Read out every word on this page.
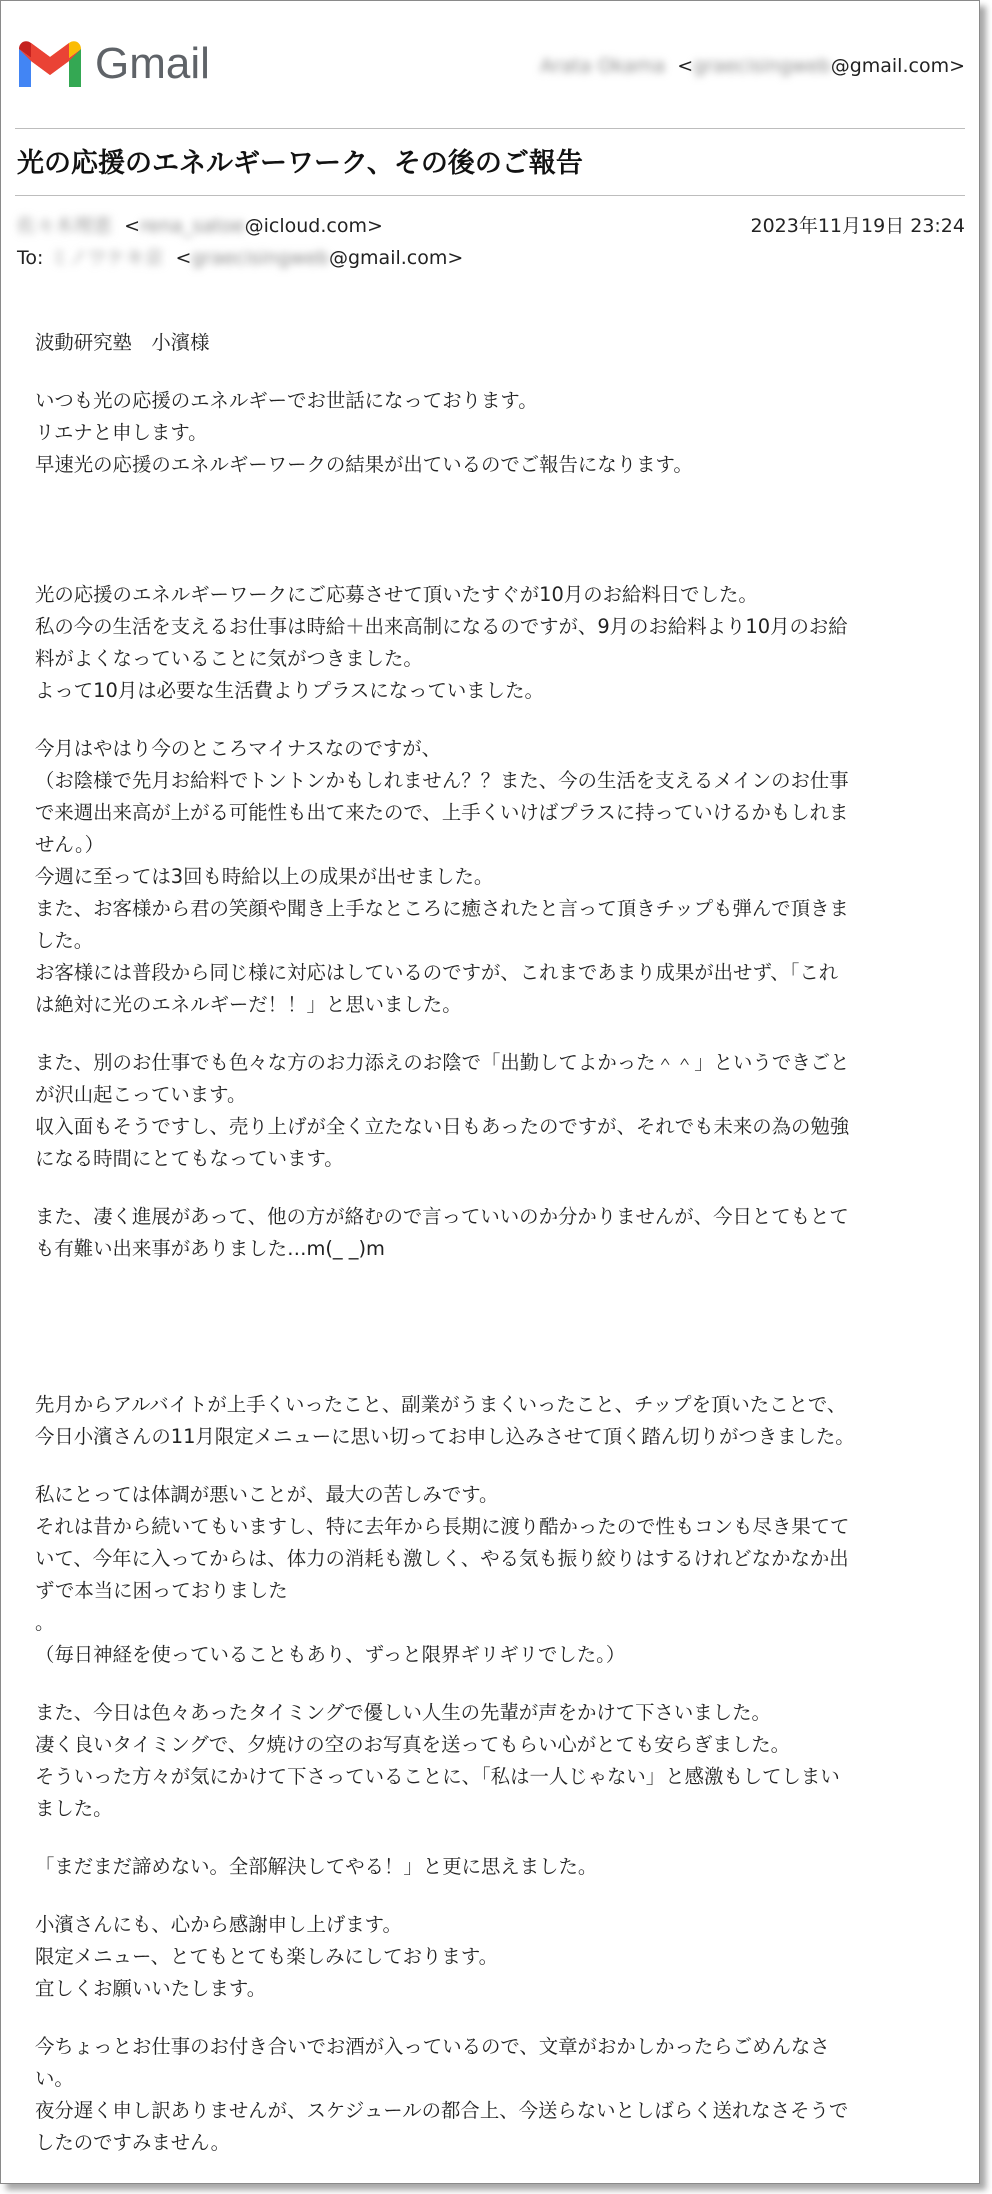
Gmail	Arata Okama  <graecisingweb@gmail.com>
光の応援のエネルギーワーク、その後のご報告
佐々木理恵  <rena_satoe@icloud.com>	2023年11月19日 23:24
To: ミノワケキ京  <graecisingweb@gmail.com>

波動研究塾　小濱様

いつも光の応援のエネルギーでお世話になっております。

リエナと申します。

早速光の応援のエネルギーワークの結果が出ているのでご報告になります。

光の応援のエネルギーワークにご応募させて頂いたすぐが10月のお給料日でした。

私の今の生活を支えるお仕事は時給＋出来高制になるのですが、9月のお給料より10月のお給

料がよくなっていることに気がつきました。

よって10月は必要な生活費よりプラスになっていました。

今月はやはり今のところマイナスなのですが、

（お陰様で先月お給料でトントンかもしれません？？また、今の生活を支えるメインのお仕事

で来週出来高が上がる可能性も出て来たので、上手くいけばプラスに持っていけるかもしれま

せん。）

今週に至っては3回も時給以上の成果が出せました。

また、お客様から君の笑顔や聞き上手なところに癒されたと言って頂きチップも弾んで頂きま

した。

お客様には普段から同じ様に対応はしているのですが、これまであまり成果が出せず、「これ

は絶対に光のエネルギーだ！！」と思いました。

また、別のお仕事でも色々な方のお力添えのお陰で「出勤してよかった＾＾」というできごと

が沢山起こっています。

収入面もそうですし、売り上げが全く立たない日もあったのですが、それでも未来の為の勉強

になる時間にとてもなっています。

また、凄く進展があって、他の方が絡むので言っていいのか分かりませんが、今日とてもとて

も有難い出来事がありました…m(_ _)m

先月からアルバイトが上手くいったこと、副業がうまくいったこと、チップを頂いたことで、

今日小濱さんの11月限定メニューに思い切ってお申し込みさせて頂く踏ん切りがつきました。

私にとっては体調が悪いことが、最大の苦しみです。

それは昔から続いてもいますし、特に去年から長期に渡り酷かったので性もコンも尽き果てて

いて、今年に入ってからは、体力の消耗も激しく、やる気も振り絞りはするけれどなかなか出

ずで本当に困っておりました

。

（毎日神経を使っていることもあり、ずっと限界ギリギリでした。）

また、今日は色々あったタイミングで優しい人生の先輩が声をかけて下さいました。

凄く良いタイミングで、夕焼けの空のお写真を送ってもらい心がとても安らぎました。

そういった方々が気にかけて下さっていることに、「私は一人じゃない」と感激もしてしまい

ました。

「まだまだ諦めない。全部解決してやる！」と更に思えました。

小濱さんにも、心から感謝申し上げます。

限定メニュー、とてもとても楽しみにしております。

宜しくお願いいたします。

今ちょっとお仕事のお付き合いでお酒が入っているので、文章がおかしかったらごめんなさ

い。

夜分遅く申し訳ありませんが、スケジュールの都合上、今送らないとしばらく送れなさそうで

したのですみません。
